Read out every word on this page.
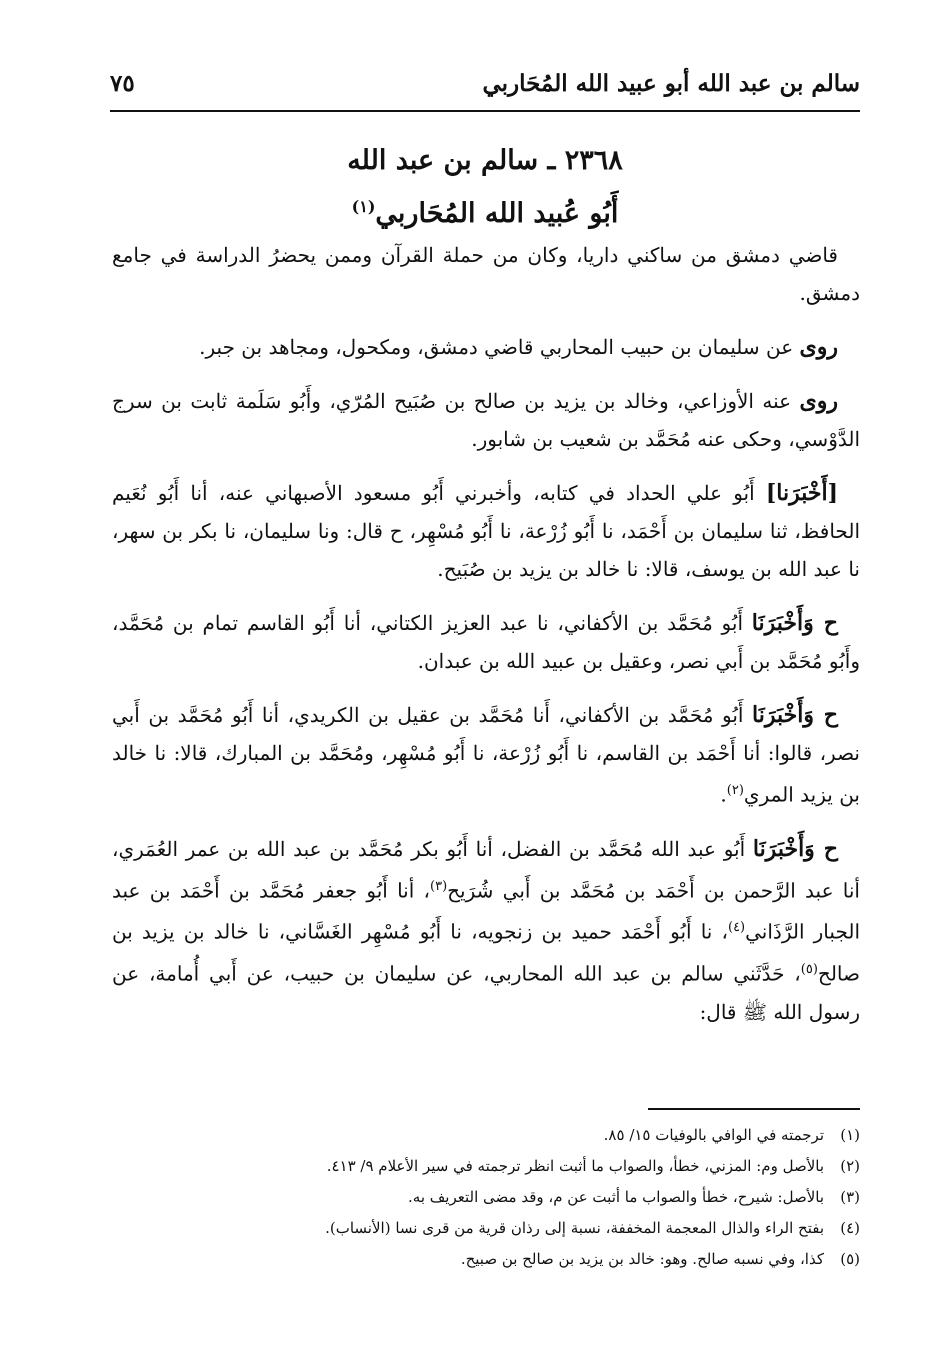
سالم بن عبد الله أبو عبيد الله المُحَاربي
٧٥
٢٣٦٨ ـ سالم بن عبد الله
أَبُو عُبيد الله المُحَاربي$^{(١)}$

قاضي دمشق من ساكني داريا، وكان من حملة القرآن وممن يحضرُ الدراسة في جامع دمشق.

روى عن سليمان بن حبيب المحاربي قاضي دمشق، ومكحول، ومجاهد بن جبر.

روى عنه الأوزاعي، وخالد بن يزيد بن صالح بن صُبَيح المُرّي، وأَبُو سَلَمة ثابت بن سرج الدَّوْسي، وحكى عنه مُحَمَّد بن شعيب بن شابور.

[أَخْبَرَنا] أَبُو علي الحداد في كتابه، وأخبرني أَبُو مسعود الأصبهاني عنه، أنا أَبُو نُعَيم الحافظ، ثنا سليمان بن أَحْمَد، نا أَبُو زُرْعة، نا أَبُو مُسْهِر، ح قال: ونا سليمان، نا بكر بن سهر، نا عبد الله بن يوسف، قالا: نا خالد بن يزيد بن صُبَيح.

ح وَأَخْبَرَنَا أَبُو مُحَمَّد بن الأكفاني، نا عبد العزيز الكتاني، أنا أَبُو القاسم تمام بن مُحَمَّد، وأَبُو مُحَمَّد بن أَبي نصر، وعقيل بن عبيد الله بن عبدان.

ح وَأَخْبَرَنَا أَبُو مُحَمَّد بن الأكفاني، أَنا مُحَمَّد بن عقيل بن الكريدي، أنا أَبُو مُحَمَّد بن أَبي نصر، قالوا: أنا أَحْمَد بن القاسم، نا أَبُو زُرْعة، نا أَبُو مُسْهِر، ومُحَمَّد بن المبارك، قالا: نا خالد بن يزيد المري$^{(٢)}$.

ح وَأَخْبَرَنَا أَبُو عبد الله مُحَمَّد بن الفضل، أنا أَبُو بكر مُحَمَّد بن عبد الله بن عمر العُمَري، أنا عبد الرَّحمن بن أَحْمَد بن مُحَمَّد بن أَبي شُرَيح$^{(٣)}$، أنا أَبُو جعفر مُحَمَّد بن أَحْمَد بن عبد الجبار الرَّذَاني$^{(٤)}$، نا أَبُو أَحْمَد حميد بن زنجويه، نا أَبُو مُسْهِر الغَسَّاني، نا خالد بن يزيد بن صالح$^{(٥)}$، حَدَّثَني سالم بن عبد الله المحاربي، عن سليمان بن حبيب، عن أَبي أُمامة، عن رسول الله ﷺ قال:

(١)ترجمته في الوافي بالوفيات ١٥/ ٨٥.
(٢)بالأصل وم: المزني، خطأ، والصواب ما أثبت انظر ترجمته في سير الأعلام ٩/ ٤١٣.
(٣)بالأصل: شيرح، خطأ والصواب ما أثبت عن م، وقد مضى التعريف به.
(٤)بفتح الراء والذال المعجمة المخففة، نسبة إلى رذان قرية من قرى نسا (الأنساب).
(٥)كذا، وفي نسبه صالح. وهو: خالد بن يزيد بن صالح بن صبيح.
